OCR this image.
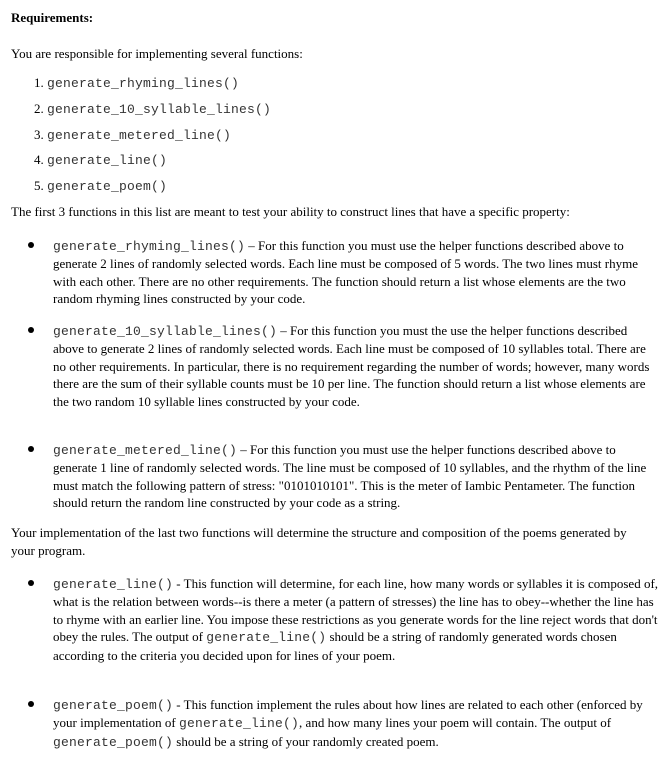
Requirements:
You are responsible for implementing several functions:
1. generate_rhyming_lines()
2. generate_10_syllable_lines()
3. generate_metered_line()
4. generate_line()
5. generate_poem()
The first 3 functions in this list are meant to test your ability to construct lines that have a specific property:
generate_rhyming_lines() – For this function you must use the helper functions described above to generate 2 lines of randomly selected words. Each line must be composed of 5 words. The two lines must rhyme with each other. There are no other requirements. The function should return a list whose elements are the two random rhyming lines constructed by your code.
generate_10_syllable_lines() – For this function you must the use the helper functions described above to generate 2 lines of randomly selected words. Each line must be composed of 10 syllables total. There are no other requirements. In particular, there is no requirement regarding the number of words; however, many words there are the sum of their syllable counts must be 10 per line. The function should return a list whose elements are the two random 10 syllable lines constructed by your code.
generate_metered_line() – For this function you must use the helper functions described above to generate 1 line of randomly selected words. The line must be composed of 10 syllables, and the rhythm of the line must match the following pattern of stress: "0101010101". This is the meter of Iambic Pentameter. The function should return the random line constructed by your code as a string.
Your implementation of the last two functions will determine the structure and composition of the poems generated by your program.
generate_line() - This function will determine, for each line, how many words or syllables it is composed of, what is the relation between words--is there a meter (a pattern of stresses) the line has to obey--whether the line has to rhyme with an earlier line. You impose these restrictions as you generate words for the line reject words that don't obey the rules. The output of generate_line() should be a string of randomly generated words chosen according to the criteria you decided upon for lines of your poem.
generate_poem() - This function implement the rules about how lines are related to each other (enforced by your implementation of generate_line(), and how many lines your poem will contain. The output of generate_poem() should be a string of your randomly created poem.
